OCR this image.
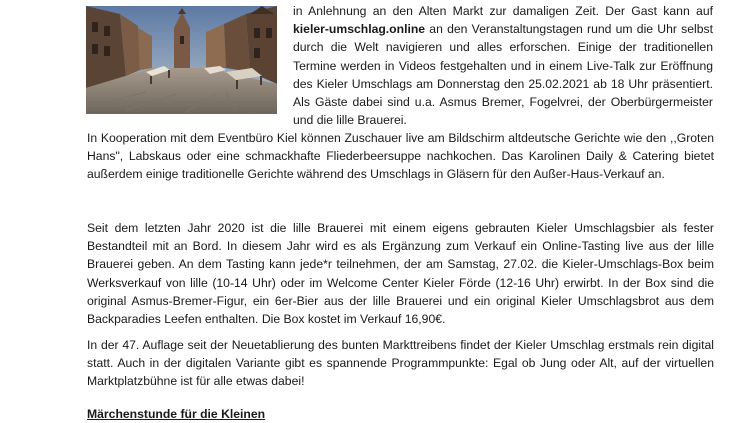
in Anlehnung an den Alten Markt zur damaligen Zeit. Der Gast kann auf kieler-umschlag.online an den Veranstaltungstagen rund um die Uhr selbst durch die Welt navigieren und alles erforschen. Einige der traditionellen Termine werden in Videos festgehalten und in einem Live-Talk zur Eröffnung des Kieler Umschlags am Donnerstag den 25.02.2021 ab 18 Uhr präsentiert. Als Gäste dabei sind u.a. Asmus Bremer, Fogelvrei, der Oberbürgermeister und die lille Brauerei.

In Kooperation mit dem Eventbüro Kiel können Zuschauer live am Bildschirm altdeutsche Gerichte wie den ,,Groten Hans", Labskaus oder eine schmackhafte Fliederbeersuppe nachkochen. Das Karolinen Daily & Catering bietet außerdem einige traditionelle Gerichte während des Umschlags in Gläsern für den Außer-Haus-Verkauf an.

Seit dem letzten Jahr 2020 ist die lille Brauerei mit einem eigens gebrauten Kieler Umschlagsbier als fester Bestandteil mit an Bord. In diesem Jahr wird es als Ergänzung zum Verkauf ein Online-Tasting live aus der lille Brauerei geben. An dem Tasting kann jede*r teilnehmen, der am Samstag, 27.02. die Kieler-Umschlags-Box beim Werksverkauf von lille (10-14 Uhr) oder im Welcome Center Kieler Förde (12-16 Uhr) erwirbt. In der Box sind die original Asmus-Bremer-Figur, ein 6er-Bier aus der lille Brauerei und ein original Kieler Umschlagsbrot aus dem Backparadies Leefen enthalten. Die Box kostet im Verkauf 16,90€.

In der 47. Auflage seit der Neuetablierung des bunten Markttreibens findet der Kieler Umschlag erstmals rein digital statt. Auch in der digitalen Variante gibt es spannende Programmpunkte: Egal ob Jung oder Alt, auf der virtuellen Marktplatzbühne ist für alle etwas dabei!

Märchenstunde für die Kleinen
